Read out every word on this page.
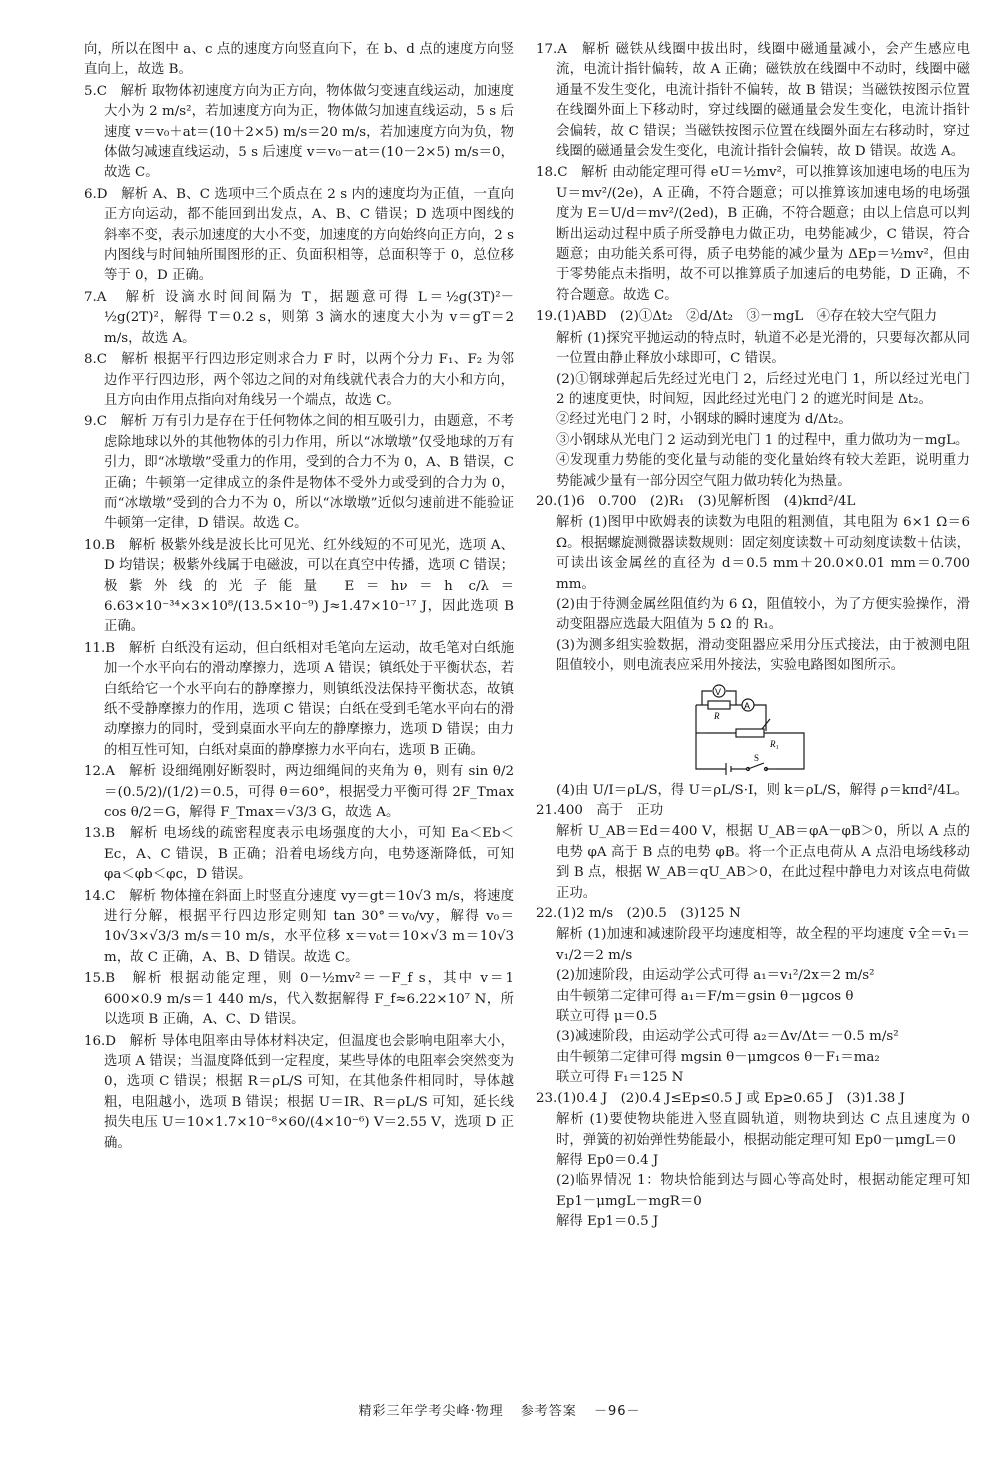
向，所以在图中 a、c 点的速度方向竖直向下，在 b、d 点的速度方向竖直向上，故选 B。

5.C　解析 取物体初速度方向为正方向，物体做匀变速直线运动，加速度大小为 2 m/s²，若加速度方向为正，物体做匀加速直线运动，5 s 后速度 v＝v₀＋at＝(10＋2×5) m/s＝20 m/s，若加速度方向为负，物体做匀减速直线运动，5 s 后速度 v＝v₀－at＝(10－2×5) m/s＝0，故选 C。

6.D　解析 A、B、C 选项中三个质点在 2 s 内的速度均为正值，一直向正方向运动，都不能回到出发点，A、B、C 错误；D 选项中图线的斜率不变，表示加速度的大小不变，加速度的方向始终向正方向，2 s 内图线与时间轴所围图形的正、负面积相等，总面积等于 0，总位移等于 0，D 正确。

7.A　解析 设滴水时间间隔为 T，据题意可得 L＝½g(3T)²－½g(2T)²，解得 T＝0.2 s，则第 3 滴水的速度大小为 v＝gT＝2 m/s，故选 A。

8.C　解析 根据平行四边形定则求合力 F 时，以两个分力 F₁、F₂ 为邻边作平行四边形，两个邻边之间的对角线就代表合力的大小和方向，且方向由作用点指向对角线另一个端点，故选 C。

9.C　解析 万有引力是存在于任何物体之间的相互吸引力，由题意，不考虑除地球以外的其他物体的引力作用，所以“冰墩墩”仅受地球的万有引力，即“冰墩墩”受重力的作用，受到的合力不为 0，A、B 错误，C 正确；牛顿第一定律成立的条件是物体不受外力或受到的合力为 0，而“冰墩墩”受到的合力不为 0，所以“冰墩墩”近似匀速前进不能验证牛顿第一定律，D 错误。故选 C。

10.B　解析 极紫外线是波长比可见光、红外线短的不可见光，选项 A、D 均错误；极紫外线属于电磁波，可以在真空中传播，选项 C 错误；极紫外线的光子能量 E＝hν＝h c/λ＝6.63×10⁻³⁴×3×10⁸/(13.5×10⁻⁹) J≈1.47×10⁻¹⁷ J，因此选项 B 正确。

11.B　解析 白纸没有运动，但白纸相对毛笔向左运动，故毛笔对白纸施加一个水平向右的滑动摩擦力，选项 A 错误；镇纸处于平衡状态，若白纸给它一个水平向右的静摩擦力，则镇纸没法保持平衡状态，故镇纸不受静摩擦力的作用，选项 C 错误；白纸在受到毛笔水平向右的滑动摩擦力的同时，受到桌面水平向左的静摩擦力，选项 D 错误；由力的相互性可知，白纸对桌面的静摩擦力水平向右，选项 B 正确。

12.A　解析 设细绳刚好断裂时，两边细绳间的夹角为 θ，则有 sin θ/2＝(0.5/2)/(1/2)＝0.5，可得 θ＝60°，根据受力平衡可得 2F_Tmax cos θ/2＝G，解得 F_Tmax＝√3/3 G，故选 A。

13.B　解析 电场线的疏密程度表示电场强度的大小，可知 Ea＜Eb＜Ec，A、C 错误，B 正确；沿着电场线方向，电势逐渐降低，可知 φa＜φb＜φc，D 错误。

14.C　解析 物体撞在斜面上时竖直分速度 vy＝gt＝10√3 m/s，将速度进行分解，根据平行四边形定则知 tan 30°＝v₀/vy，解得 v₀＝10√3×√3/3 m/s＝10 m/s，水平位移 x＝v₀t＝10×√3 m＝10√3 m，故 C 正确，A、B、D 错误。故选 C。

15.B　解析 根据动能定理，则 0－½mv²＝－F_f s，其中 v＝1 600×0.9 m/s＝1 440 m/s，代入数据解得 F_f≈6.22×10⁷ N，所以选项 B 正确，A、C、D 错误。

16.D　解析 导体电阻率由导体材料决定，但温度也会影响电阻率大小，选项 A 错误；当温度降低到一定程度，某些导体的电阻率会突然变为 0，选项 C 错误；根据 R＝ρL/S 可知，在其他条件相同时，导体越粗，电阻越小，选项 B 错误；根据 U＝IR、R＝ρL/S 可知，延长线损失电压 U＝10×1.7×10⁻⁸×60/(4×10⁻⁶) V＝2.55 V，选项 D 正确。

17.A　解析 磁铁从线圈中拔出时，线圈中磁通量减小，会产生感应电流，电流计指针偏转，故 A 正确；磁铁放在线圈中不动时，线圈中磁通量不发生变化，电流计指针不偏转，故 B 错误；当磁铁按图示位置在线圈外面上下移动时，穿过线圈的磁通量会发生变化，电流计指针会偏转，故 C 错误；当磁铁按图示位置在线圈外面左右移动时，穿过线圈的磁通量会发生变化，电流计指针会偏转，故 D 错误。故选 A。

18.C　解析 由动能定理可得 eU＝½mv²，可以推算该加速电场的电压为 U＝mv²/(2e)，A 正确，不符合题意；可以推算该加速电场的电场强度为 E＝U/d＝mv²/(2ed)，B 正确，不符合题意；由以上信息可以判断出运动过程中质子所受静电力做正功，电势能减少，C 错误，符合题意；由功能关系可得，质子电势能的减少量为 ΔEp＝½mv²，但由于零势能点未指明，故不可以推算质子加速后的电势能，D 正确，不符合题意。故选 C。

19.(1)ABD　(2)①Δt₂　②d/Δt₂　③－mgL　④存在较大空气阻力

解析 (1)探究平抛运动的特点时，轨道不必是光滑的，只要每次都从同一位置由静止释放小球即可，C 错误。

(2)①钢球弹起后先经过光电门 2，后经过光电门 1，所以经过光电门 2 的速度更快，时间短，因此经过光电门 2 的遮光时间是 Δt₂。

②经过光电门 2 时，小钢球的瞬时速度为 d/Δt₂。

③小钢球从光电门 2 运动到光电门 1 的过程中，重力做功为－mgL。

④发现重力势能的变化量与动能的变化量始终有较大差距，说明重力势能减少量有一部分因空气阻力做功转化为热量。

20.(1)6　0.700　(2)R₁　(3)见解析图　(4)kπd²/4L

解析 (1)图甲中欧姆表的读数为电阻的粗测值，其电阻为 6×1 Ω＝6 Ω。根据螺旋测微器读数规则：固定刻度读数＋可动刻度读数＋估读，可读出该金属丝的直径为 d＝0.5 mm＋20.0×0.01 mm＝0.700 mm。

(2)由于待测金属丝阻值约为 6 Ω，阻值较小，为了方便实验操作，滑动变阻器应选最大阻值为 5 Ω 的 R₁。

(3)为测多组实验数据，滑动变阻器应采用分压式接法，由于被测电阻阻值较小，则电流表应采用外接法，实验电路图如图所示。

V
A
R
R₁
S

(4)由 U/I＝ρL/S，得 U＝ρL/S·I，则 k＝ρL/S，解得 ρ＝kπd²/4L。

21.400　高于　正功

解析 U_AB＝Ed＝400 V，根据 U_AB＝φA－φB＞0，所以 A 点的电势 φA 高于 B 点的电势 φB。将一个正点电荷从 A 点沿电场线移动到 B 点，根据 W_AB＝qU_AB＞0，在此过程中静电力对该点电荷做正功。

22.(1)2 m/s　(2)0.5　(3)125 N

解析 (1)加速和减速阶段平均速度相等，故全程的平均速度 v̄全＝v̄₁＝v₁/2＝2 m/s

(2)加速阶段，由运动学公式可得 a₁＝v₁²/2x＝2 m/s²

由牛顿第二定律可得 a₁＝F/m＝gsin θ－μgcos θ

联立可得 μ＝0.5

(3)减速阶段，由运动学公式可得 a₂＝Δv/Δt＝－0.5 m/s²

由牛顿第二定律可得 mgsin θ－μmgcos θ－F₁＝ma₂

联立可得 F₁＝125 N

23.(1)0.4 J　(2)0.4 J≤Ep≤0.5 J 或 Ep≥0.65 J　(3)1.38 J

解析 (1)要使物块能进入竖直圆轨道，则物块到达 C 点且速度为 0 时，弹簧的初始弹性势能最小，根据动能定理可知 Ep0－μmgL＝0

解得 Ep0＝0.4 J

(2)临界情况 1：物块恰能到达与圆心等高处时，根据动能定理可知 Ep1－μmgL－mgR＝0

解得 Ep1＝0.5 J

精彩三年学考尖峰·物理 参考答案 －96－
